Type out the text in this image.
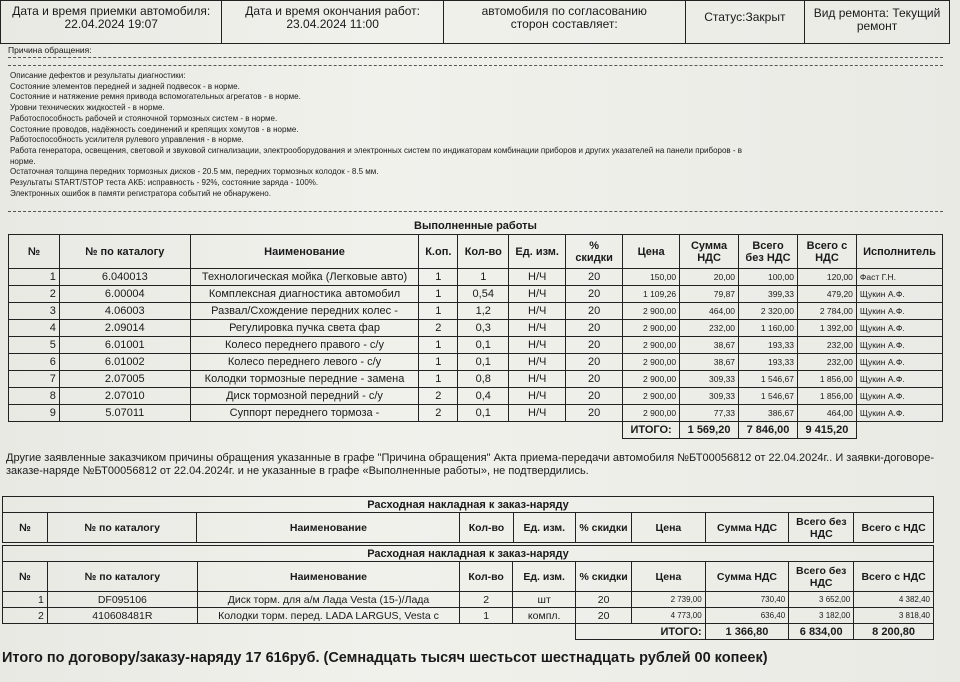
Дата и время приемки автомобиля:
22.04.2024 19:07

Дата и время окончания работ:
23.04.2024 11:00

автомобиля по согласованию
сторон составляет:	Статус:Закрыт	Вид ремонта: Текущий ремонт
Причина обращения:
Описание дефектов и результаты диагностики:
Состояние элементов передней и задней подвесок - в норме.
Состояние и натяжение ремня привода вспомогательных агрегатов - в норме.
Уровни технических жидкостей - в норме.
Работоспособность рабочей и стояночной тормозных систем - в норме.
Состояние проводов, надёжность соединений и крепящих хомутов - в норме.
Работоспособность усилителя рулевого управления - в норме.
Работа генератора, освещения, световой и звуковой сигнализации, электрооборудования и электронных систем по индикаторам комбинации приборов и других указателей на панели приборов - в
норме.
Остаточная толщина передних тормозных дисков - 20.5 мм, передних тормозных колодок - 8.5 мм.
Результаты START/STOP теста АКБ: исправность - 92%, состояние заряда - 100%.
Электронных ошибок в памяти регистратора событий не обнаружено.
Выполненные работы											
№	№ по каталогу	Наименование	К.оп.	Кол-во	Ед. изм.	% скидки	Цена	Сумма НДС	Всего без НДС	Всего с НДС	Исполнитель
1	6.040013	Технологическая мойка (Легковые авто)	1	1	Н/Ч	20	150,00	20,00	100,00	120,00	Фаст Г.Н.
2	6.00004	Комплексная диагностика автомобил	1	0,54	Н/Ч	20	1 109,26	79,87	399,33	479,20	Щукин А.Ф.
3	4.06003	Развал/Схождение передних колес -	1	1,2	Н/Ч	20	2 900,00	464,00	2 320,00	2 784,00	Щукин А.Ф.
4	2.09014	Регулировка пучка света фар	2	0,3	Н/Ч	20	2 900,00	232,00	1 160,00	1 392,00	Щукин А.Ф.
5	6.01001	Колесо переднего правого - с/у	1	0,1	Н/Ч	20	2 900,00	38,67	193,33	232,00	Щукин А.Ф.
6	6.01002	Колесо переднего левого - с/у	1	0,1	Н/Ч	20	2 900,00	38,67	193,33	232,00	Щукин А.Ф.
7	2.07005	Колодки тормозные передние - замена	1	0,8	Н/Ч	20	2 900,00	309,33	1 546,67	1 856,00	Щукин А.Ф.
8	2.07010	Диск тормозной передний - с/у	2	0,4	Н/Ч	20	2 900,00	309,33	1 546,67	1 856,00	Щукин А.Ф.
9	5.07011	Суппорт переднего тормоза -	2	0,1	Н/Ч	20	2 900,00	77,33	386,67	464,00	Щукин А.Ф.
							ИТОГО:	1 569,20	7 846,00	9 415,20	
Другие заявленные заказчиком причины обращения указанные в графе "Причина обращения" Акта приема-передачи автомобиля №БТ00056812 от 22.04.2024г.. И заявки-договоре-заказе-наряде №БТ00056812 от 22.04.2024г. и не указанные в графе «Выполненные работы», не подтвердились.
Расходная накладная к заказ-наряду
№	№ по каталогу	Наименование	Кол-во	Ед. изм.	% скидки	Цена	Сумма НДС	Всего без НДС	Всего с НДС
Расходная накладная к заказ-наряду									
№	№ по каталогу	Наименование	Кол-во	Ед. изм.	% скидки	Цена	Сумма НДС	Всего без НДС	Всего с НДС
1	DF095106	Диск торм. для а/м Лада Vesta (15-)/Лада	2	шт	20	2 739,00	730,40	3 652,00	4 382,40
2	410608481R	Колодки торм. перед. LADA LARGUS, Vesta с	1	компл.	20	4 773,00	636,40	3 182,00	3 818,40
					ИТОГО:		1 366,80	6 834,00	8 200,80
Итого по договору/заказу-наряду 17 616руб. (Семнадцать тысяч шестьсот шестнадцать рублей 00 копеек)
